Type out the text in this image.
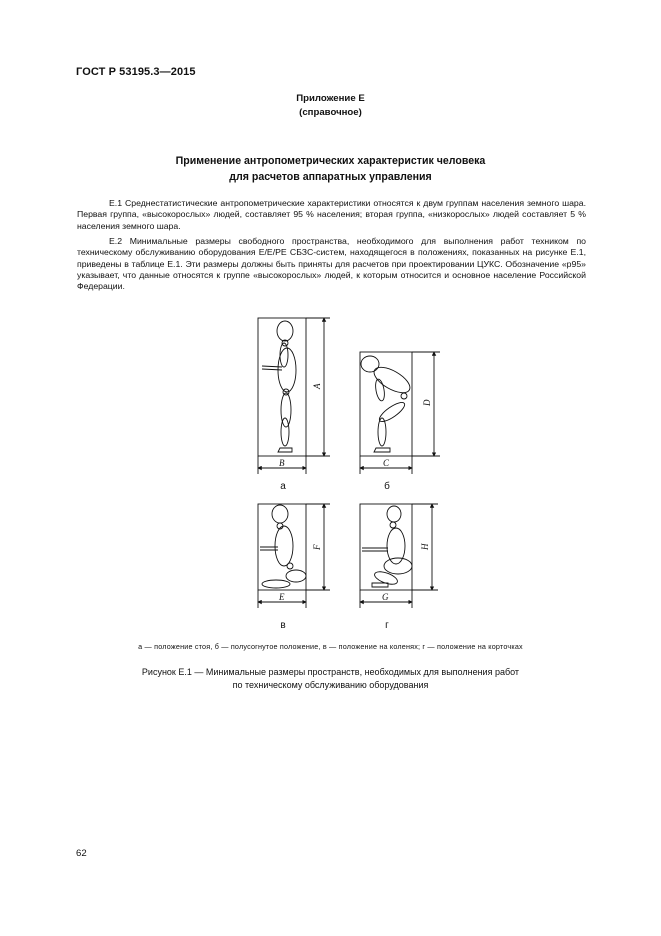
ГОСТ Р 53195.3—2015
Приложение Е
(справочное)
Применение антропометрических характеристик человека
для расчетов аппаратных управления
Е.1 Среднестатистические антропометрические характеристики относятся к двум группам населения земного шара. Первая группа, «высокорослых» людей, составляет 95 % населения; вторая группа, «низкорослых» людей составляет 5 % населения земного шара.
Е.2 Минимальные размеры свободного пространства, необходимого для выполнения работ техником по техническому обслуживанию оборудования Е/Е/РЕ СБЗС-систем, находящегося в положениях, показанных на рисунке Е.1, приведены в таблице Е.1. Эти размеры должны быть приняты для расчетов при проектировании ЦУКС. Обозначение «р95» указывает, что данные относятся к группе «высокорослых» людей, к которым относится и основное население Российской Федерации.
B
A
C
D
E
F
G
H
а	б
в	г
а — положение стоя, б — полусогнутое положение, в — положение на коленях; г — положение на корточках
Рисунок Е.1 — Минимальные размеры пространств, необходимых для выполнения работ
по техническому обслуживанию оборудования
62
